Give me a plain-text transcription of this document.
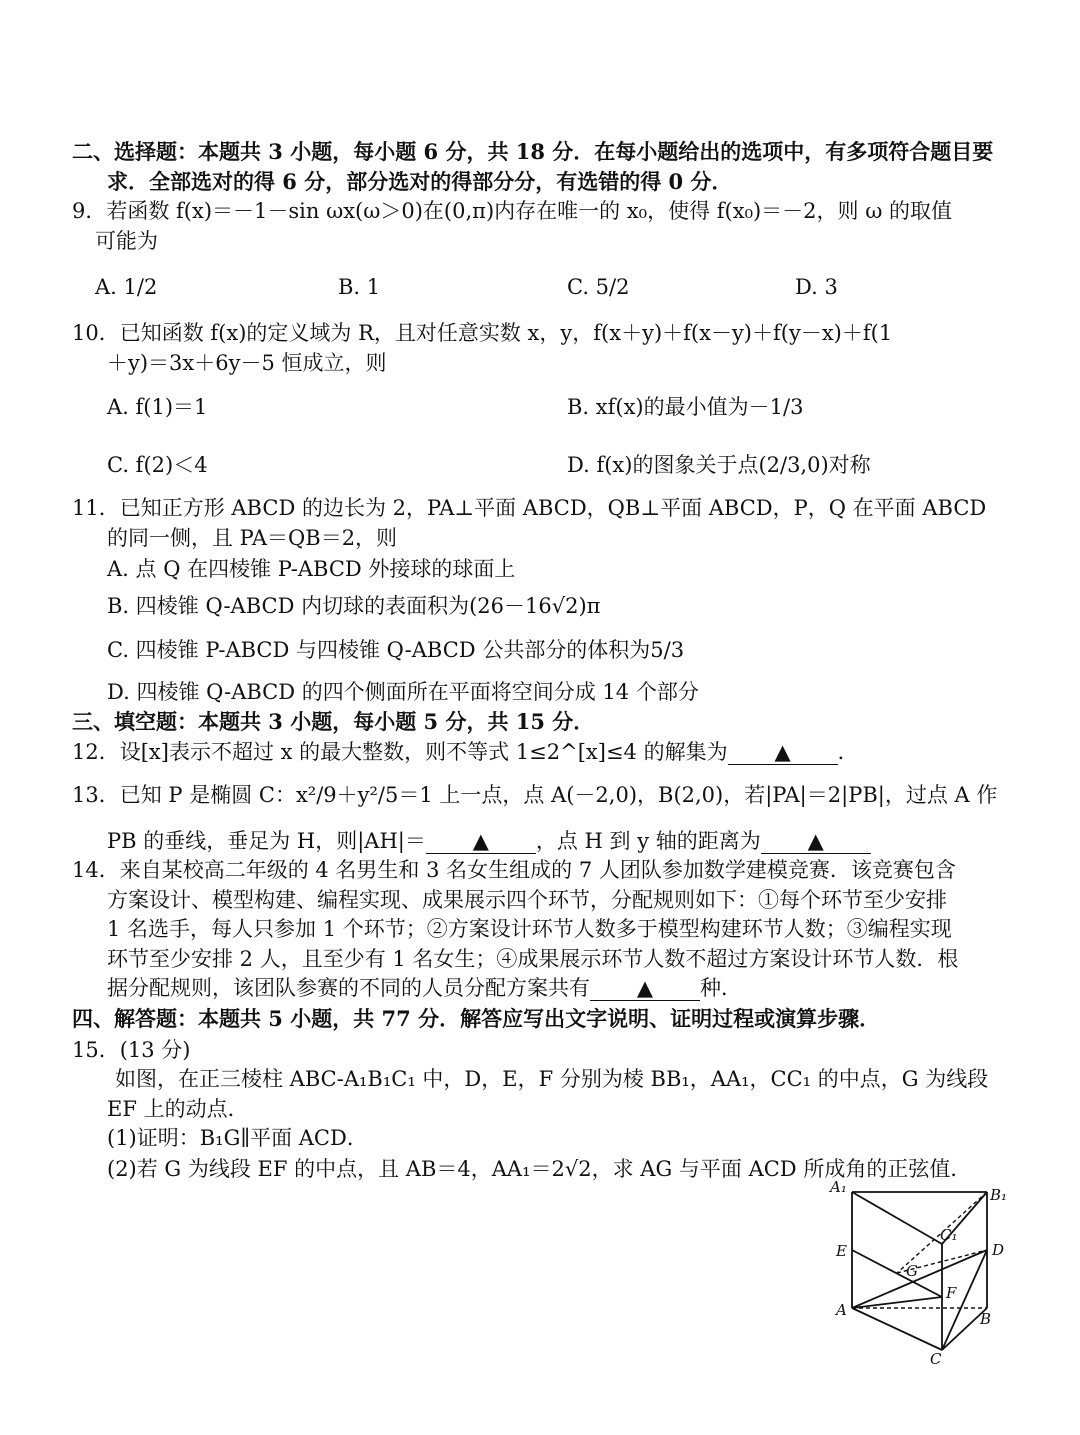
二、选择题：本题共 3 小题，每小题 6 分，共 18 分．在每小题给出的选项中，有多项符合题目要
求．全部选对的得 6 分，部分选对的得部分分，有选错的得 0 分．
9．若函数 f(x)＝－1－sin ωx(ω＞0)在(0,π)内存在唯一的 x₀，使得 f(x₀)＝－2，则 ω 的取值
可能为
A. 1/2	B. 1	C. 5/2	D. 3
10．已知函数 f(x)的定义域为 R，且对任意实数 x，y，f(x＋y)＋f(x－y)＋f(y－x)＋f(1
＋y)＝3x＋6y－5 恒成立，则
A. f(1)＝1	B. xf(x)的最小值为－1/3
C. f(2)＜4	D. f(x)的图象关于点(2/3,0)对称
11．已知正方形 ABCD 的边长为 2，PA⊥平面 ABCD，QB⊥平面 ABCD，P，Q 在平面 ABCD
的同一侧，且 PA＝QB＝2，则
A. 点 Q 在四棱锥 P-ABCD 外接球的球面上
B. 四棱锥 Q-ABCD 内切球的表面积为(26－16√2)π
C. 四棱锥 P-ABCD 与四棱锥 Q-ABCD 公共部分的体积为5/3
D. 四棱锥 Q-ABCD 的四个侧面所在平面将空间分成 14 个部分
三、填空题：本题共 3 小题，每小题 5 分，共 15 分．
12．设[x]表示不超过 x 的最大整数，则不等式 1≤2^[x]≤4 的解集为 ▲ ．
13．已知 P 是椭圆 C：x²/9＋y²/5＝1 上一点，点 A(－2,0)，B(2,0)，若|PA|＝2|PB|，过点 A 作
PB 的垂线，垂足为 H，则|AH|＝ ▲ ，点 H 到 y 轴的距离为 ▲
14．来自某校高二年级的 4 名男生和 3 名女生组成的 7 人团队参加数学建模竞赛．该竞赛包含
方案设计、模型构建、编程实现、成果展示四个环节，分配规则如下：①每个环节至少安排
1 名选手，每人只参加 1 个环节；②方案设计环节人数多于模型构建环节人数；③编程实现
环节至少安排 2 人，且至少有 1 名女生；④成果展示环节人数不超过方案设计环节人数．根
据分配规则，该团队参赛的不同的人员分配方案共有 ▲ 种．
四、解答题：本题共 5 小题，共 77 分．解答应写出文字说明、证明过程或演算步骤．
15．(13 分)
如图，在正三棱柱 ABC-A₁B₁C₁ 中，D，E，F 分别为棱 BB₁，AA₁，CC₁ 的中点，G 为线段
EF 上的动点．
(1)证明：B₁G∥平面 ACD．
(2)若 G 为线段 EF 的中点，且 AB＝4，AA₁＝2√2，求 AG 与平面 ACD 所成角的正弦值．
A₁	B₁
C₁
D
E
G
F
A	B
C
